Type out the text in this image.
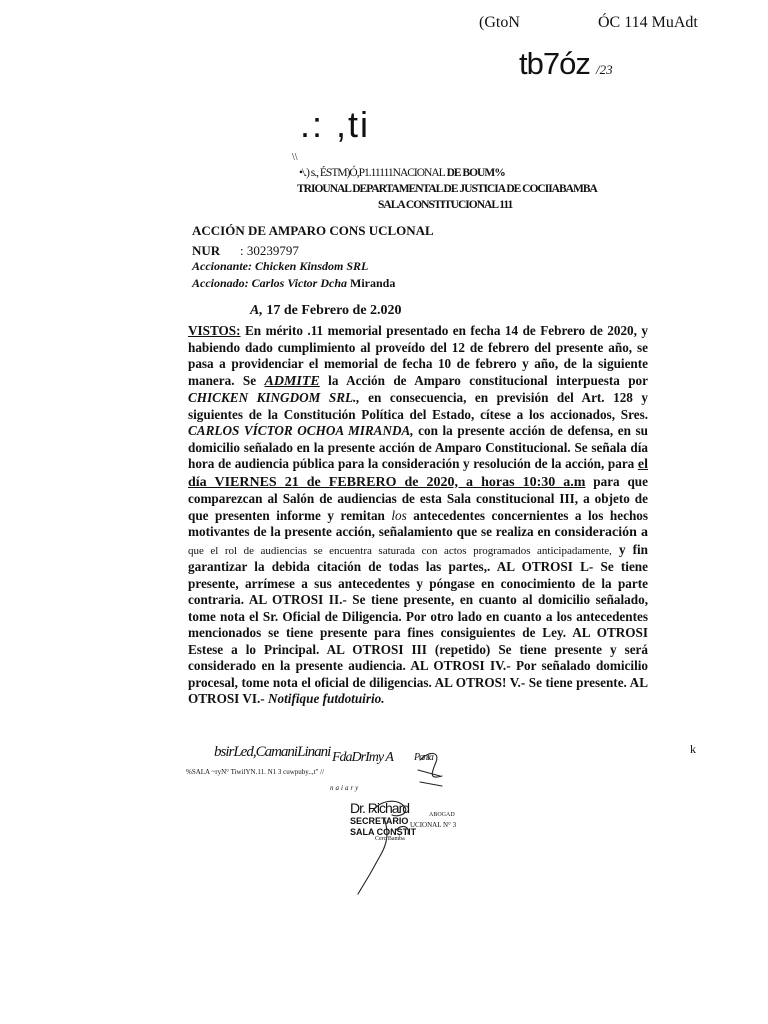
(GtoN	ÓC 114 MuAdt
tb7óz /23
.: ,ti
\\
•\.) s., ÉSTM)Ó,P1.11111NACIONAL DE BOUM%
TRIOUNAL DEPARTAMENTAL DE JUSTICIA DE COCIIABAMBA
SALA CONSTITUCIONAL 111
ACCIÓN DE AMPARO CONS UCLONAL
NUR : 30239797
Accionante: Chicken Kinsdom SRL
Accionado: Carlos Victor Dcha Miranda
A, 17 de Febrero de 2.020
VISTOS: En mérito .11 memorial presentado en fecha 14 de Febrero de 2020, y habiendo dado cumplimiento al proveído del 12 de febrero del presente año, se pasa a providenciar el memorial de fecha 10 de febrero y año, de la siguiente manera. Se ADMITE la Acción de Amparo constitucional interpuesta por CHICKEN KINGDOM SRL., en consecuencia, en previsión del Art. 128 y siguientes de la Constitución Política del Estado, cítese a los accionados, Sres. CARLOS VÍCTOR OCHOA MIRANDA, con la presente acción de defensa, en su domicilio señalado en la presente acción de Amparo Constitucional. Se señala día hora de audiencia pública para la consideración y resolución de la acción, para el día VIERNES 21 de FEBRERO de 2020, a horas 10:30 a.m para que comparezcan al Salón de audiencias de esta Sala constitucional III, a objeto de que presenten informe y remitan los antecedentes concernientes a los hechos motivantes de la presente acción, señalamiento que se realiza en consideración a que el rol de audiencias se encuentra saturada con actos programados anticipadamente, y fin garantizar la debida citación de todas las partes,. AL OTROSI L- Se tiene presente, arrímese a sus antecedentes y póngase en conocimiento de la parte contraria. AL OTROSI II.- Se tiene presente, en cuanto al domicilio señalado, tome nota el Sr. Oficial de Diligencia. Por otro lado en cuanto a los antecedentes mencionados se tiene presente para fines consiguientes de Ley. AL OTROSI Estese a lo Principal. AL OTROSI III (repetido) Se tiene presente y será considerado en la presente audiencia. AL OTROSI IV.- Por señalado domicilio procesal, tome nota el oficial de diligencias. AL OTROS! V.- Se tiene presente. AL OTROSI VI.- Notifique futdotuirio.
bsirLed,CamaniLinani FdaDrImy A Pania
k
%SALA ~ryN° TiwilYN.11. N1 3 cuwpuby..,t" //
naiary
Dr. Richard
SECRETARIO
SALA CONSTIT
UCIONAL N° 3
ABOGAD
Cerc Bamba
